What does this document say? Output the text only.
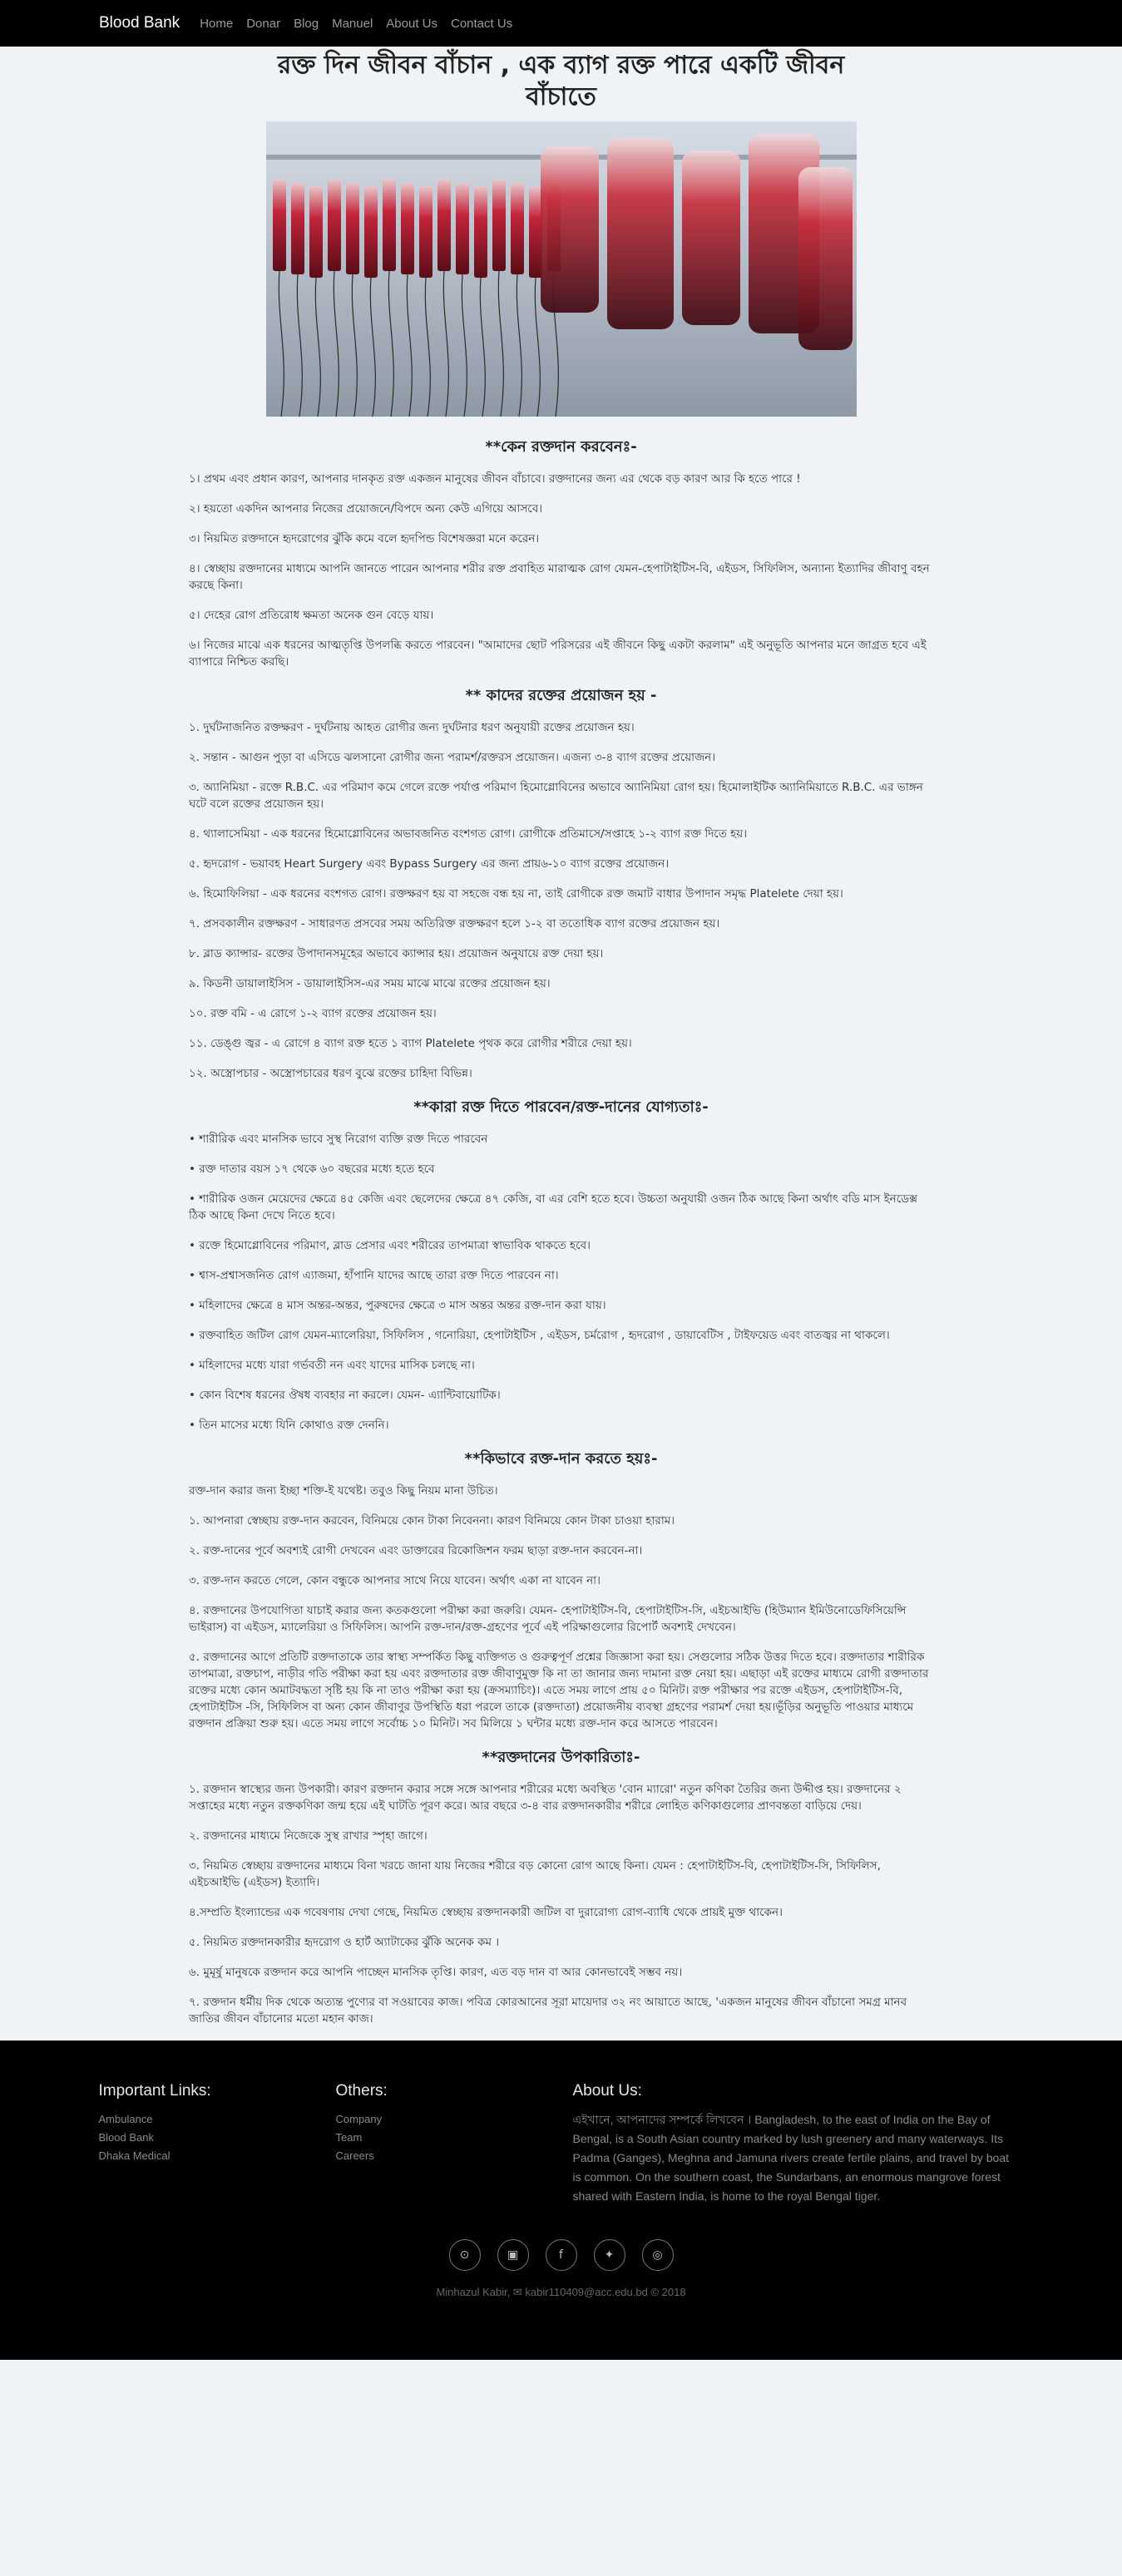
Blood Bank Home Donar Blog Manuel About Us Contact Us
রক্ত দিন জীবন বাঁচান , এক ব্যাগ রক্ত পারে একটি জীবন বাঁচাতে
**কেন রক্তদান করবেনঃ-

১। প্রথম এবং প্রধান কারণ, আপনার দানকৃত রক্ত একজন মানুষের জীবন বাঁচাবে। রক্তদানের জন্য এর থেকে বড় কারণ আর কি হতে পারে !

২। হয়তো একদিন আপনার নিজের প্রয়োজনে/বিপদে অন্য কেউ এগিয়ে আসবে।

৩। নিয়মিত রক্তদানে হৃদরোগের ঝুঁকি কমে বলে হৃদপিন্ড বিশেষজ্ঞরা মনে করেন।

৪। স্বেচ্ছায় রক্তদানের মাধ্যমে আপনি জানতে পারেন আপনার শরীর রক্ত প্রবাহিত মারাত্মক রোগ যেমন-হেপাটাইটিস-বি, এইডস, সিফিলিস, অন্যান্য ইত্যাদির জীবাণু বহন করছে কিনা।

৫। দেহের রোগ প্রতিরোধ ক্ষমতা অনেক গুন বেড়ে যায়।

৬। নিজের মাঝে এক ধরনের আত্মতৃপ্তি উপলব্ধি করতে পারবেন। "আমাদের ছোট পরিসরের এই জীবনে কিছু একটা করলাম" এই অনুভূতি আপনার মনে জাগ্রত হবে এই ব্যাপারে নিশ্চিত করছি।

** কাদের রক্তের প্রয়োজন হয় -

১. দুর্ঘটনাজনিত রক্তক্ষরণ - দুর্ঘটনায় আহত রোগীর জন্য দুর্ঘটনার ধরণ অনুযায়ী রক্তের প্রয়োজন হয়।

২. সন্তান - আগুন পুড়া বা এসিডে ঝলসানো রোগীর জন্য পরামর্শ/রক্তরস প্রয়োজন। এজন্য ৩-৪ ব্যাগ রক্তের প্রয়োজন।

৩. অ্যানিমিয়া - রক্তে R.B.C. এর পরিমাণ কমে গেলে রক্তে পর্যাপ্ত পরিমাণ হিমোগ্লোবিনের অভাবে অ্যানিমিয়া রোগ হয়। হিমোলাইটিক অ্যানিমিয়াতে R.B.C. এর ভাঙ্গন ঘটে বলে রক্তের প্রয়োজন হয়।

৪. থ্যালাসেমিয়া - এক ধরনের হিমোগ্লোবিনের অভাবজনিত বংশগত রোগ। রোগীকে প্রতিমাসে/সপ্তাহে ১-২ ব্যাগ রক্ত দিতে হয়।

৫. হৃদরোগ - ভয়াবহ Heart Surgery এবং Bypass Surgery এর জন্য প্রায়৬-১০ ব্যাগ রক্তের প্রয়োজন।

৬. হিমোফিলিয়া - এক ধরনের বংশগত রোগ। রক্তক্ষরণ হয় বা সহজে বন্ধ হয় না, তাই রোগীকে রক্ত জমাট বাধার উপাদান সমৃদ্ধ Platelete দেয়া হয়।

৭. প্রসবকালীন রক্তক্ষরণ - সাধারণত প্রসবের সময় অতিরিক্ত রক্তক্ষরণ হলে ১-২ বা ততোধিক ব্যাগ রক্তের প্রয়োজন হয়।

৮. ব্লাড ক্যান্সার- রক্তের উপাদানসমূহের অভাবে ক্যান্সার হয়। প্রয়োজন অনুযায়ে রক্ত দেয়া হয়।

৯. কিডনী ডায়ালাইসিস - ডায়ালাইসিস-এর সময় মাঝে মাঝে রক্তের প্রয়োজন হয়।

১০. রক্ত বমি - এ রোগে ১-২ ব্যাগ রক্তের প্রয়োজন হয়।

১১. ডেঙ্গু জ্বর - এ রোগে ৪ ব্যাগ রক্ত হতে ১ ব্যাগ Platelete পৃথক করে রোগীর শরীরে দেয়া হয়।

১২. অস্ত্রোপচার - অস্ত্রোপচারের ধরণ বুঝে রক্তের চাহিদা বিভিন্ন।

**কারা রক্ত দিতে পারবেন/রক্ত-দানের যোগ্যতাঃ-

• শারীরিক এবং মানসিক ভাবে সুস্থ নিরোগ ব্যক্তি রক্ত দিতে পারবেন

• রক্ত দাতার বয়স ১৭ থেকে ৬০ বছরের মধ্যে হতে হবে

• শারীরিক ওজন মেয়েদের ক্ষেত্রে ৪৫ কেজি এবং ছেলেদের ক্ষেত্রে ৪৭ কেজি, বা এর বেশি হতে হবে। উচ্চতা অনুযায়ী ওজন ঠিক আছে কিনা অর্থাৎ বডি মাস ইনডেক্স ঠিক আছে কিনা দেখে নিতে হবে।

• রক্তে হিমোগ্লোবিনের পরিমাণ, ব্লাড প্রেসার এবং শরীরের তাপমাত্রা স্বাভাবিক থাকতে হবে।

• শ্বাস-প্রশ্বাসজনিত রোগ এ্যাজমা, হাঁপানি যাদের আছে তারা রক্ত দিতে পারবেন না।

• মহিলাদের ক্ষেত্রে ৪ মাস অন্তর-অন্তর, পুরুষদের ক্ষেত্রে ৩ মাস অন্তর অন্তর রক্ত-দান করা যায়।

• রক্তবাহিত জটিল রোগ যেমন-ম্যালেরিয়া, সিফিলিস , গনোরিয়া, হেপাটাইটিস , এইডস, চর্মরোগ , হৃদরোগ , ডায়াবেটিস , টাইফয়েড এবং বাতজ্বর না থাকলে।

• মহিলাদের মধ্যে যারা গর্ভবতী নন এবং যাদের মাসিক চলছে না।

• কোন বিশেষ ধরনের ঔষধ ব্যবহার না করলে। যেমন- এ্যান্টিবায়োটিক।

• তিন মাসের মধ্যে যিনি কোথাও রক্ত দেননি।

**কিভাবে রক্ত-দান করতে হয়ঃ-

রক্ত-দান করার জন্য ইচ্ছা শক্তি-ই যথেষ্ট। তবুও কিছু নিয়ম মানা উচিত।

১. আপনারা স্বেচ্ছায় রক্ত-দান করবেন, বিনিময়ে কোন টাকা নিবেননা। কারণ বিনিময়ে কোন টাকা চাওয়া হারাম।

২. রক্ত-দানের পূর্বে অবশ্যই রোগী দেখবেন এবং ডাক্তারের রিকোজিশন ফরম ছাড়া রক্ত-দান করবেন-না।

৩. রক্ত-দান করতে গেলে, কোন বন্ধুকে আপনার সাথে নিয়ে যাবেন। অর্থাৎ একা না যাবেন না।

৪. রক্তদানের উপযোগিতা যাচাই করার জন্য কতকগুলো পরীক্ষা করা জরুরি। যেমন- হেপাটাইটিস-বি, হেপাটাইটিস-সি, এইচআইভি (হিউম্যান ইমিউনোডেফিসিয়েন্সি ভাইরাস) বা এইডস, ম্যালেরিয়া ও সিফিলিস। আপনি রক্ত-দান/রক্ত-গ্রহণের পূর্বে এই পরিক্ষাগুলোর রিপোর্ট অবশ্যই দেখবেন।

৫. রক্তদানের আগে প্রতিটি রক্তদাতাকে তার স্বাস্থ্য সম্পর্কিত কিছু ব্যক্তিগত ও গুরুত্বপূর্ণ প্রশ্নের জিজ্ঞাসা করা হয়। সেগুলোর সঠিক উত্তর দিতে হবে। রক্তদাতার শারীরিক তাপমাত্রা, রক্তচাপ, নাড়ীর গতি পরীক্ষা করা হয় এবং রক্তদাতার রক্ত জীবাণুমুক্ত কি না তা জানার জন্য দামানা রক্ত নেয়া হয়। এছাড়া এই রক্তের মাধ্যমে রোগী রক্তদাতার রক্তের মধ্যে কোন অমাটবদ্ধতা সৃষ্টি হয় কি না তাও পরীক্ষা করা হয় (ক্রসম্যাচিং)। এতে সময় লাগে প্রায় ৫০ মিনিট। রক্ত পরীক্ষার পর রক্তে এইডস, হেপাটাইটিস-বি, হেপাটাইটিস -সি, সিফিলিস বা অন্য কোন জীবাণুর উপস্থিতি ধরা পরলে তাকে (রক্তদাতা) প্রয়োজনীয় ব্যবস্থা গ্রহণের পরামর্শ দেয়া হয়।ভূঁড়ির অনুভূতি পাওয়ার মাধ্যমে রক্তদান প্রক্রিয়া শুরু হয়। এতে সময় লাগে সর্বোচ্চ ১০ মিনিট। সব মিলিয়ে ১ ঘন্টার মধ্যে রক্ত-দান করে আসতে পারবেন।

**রক্তদানের উপকারিতাঃ-

১. রক্তদান স্বাস্থ্যের জন্য উপকারী। কারণ রক্তদান করার সঙ্গে সঙ্গে আপনার শরীরের মধ্যে অবস্থিত 'বোন ম্যারো' নতুন কণিকা তৈরির জন্য উদ্দীপ্ত হয়। রক্তদানের ২ সপ্তাহের মধ্যে নতুন রক্তকণিকা জন্ম হয়ে এই ঘাটতি পূরণ করে। আর বছরে ৩-৪ বার রক্তদানকারীর শরীরে লোহিত কণিকাগুলোর প্রাণবন্ততা বাড়িয়ে দেয়।

২. রক্তদানের মাধ্যমে নিজেকে সুস্থ রাখার স্পৃহা জাগে।

৩. নিয়মিত স্বেচ্ছায় রক্তদানের মাধ্যমে বিনা খরচে জানা যায় নিজের শরীরে বড় কোনো রোগ আছে কিনা। যেমন : হেপাটাইটিস-বি, হেপাটাইটিস-সি, সিফিলিস, এইচআইভি (এইডস) ইত্যাদি।

৪.সম্প্রতি ইংল্যান্ডের এক গবেষণায় দেখা গেছে, নিয়মিত স্বেচ্ছায় রক্তদানকারী জটিল বা দুরারোগ্য রোগ-ব্যাধি থেকে প্রায়ই মুক্ত থাকেন।

৫. নিয়মিত রক্তদানকারীর হৃদরোগ ও হার্ট অ্যাটাকের ঝুঁকি অনেক কম ।

৬. মুমূর্ষু মানুষকে রক্তদান করে আপনি পাচ্ছেন মানসিক তৃপ্তি। কারণ, এত বড় দান বা আর কোনভাবেই সম্ভব নয়।

৭. রক্তদান ধর্মীয় দিক থেকে অত্যন্ত পুণ্যের বা সওয়াবের কাজ। পবিত্র কোরআনের সূরা মায়েদার ৩২ নং আয়াতে আছে, 'একজন মানুষের জীবন বাঁচানো সমগ্র মানব জাতির জীবন বাঁচানোর মতো মহান কাজ।

Important Links:
Ambulance
Blood Bank
Dhaka Medical
Others:
Company
Team
Careers
About Us:
এইখানে, আপনাদের সম্পর্কে লিখবেন । Bangladesh, to the east of India on the Bay of Bengal, is a South Asian country marked by lush greenery and many waterways. Its Padma (Ganges), Meghna and Jamuna rivers create fertile plains, and travel by boat is common. On the southern coast, the Sundarbans, an enormous mangrove forest shared with Eastern India, is home to the royal Bengal tiger.
⊙	▣	f	✦	◎
Minhazul Kabir, ✉ kabir110409@acc.edu.bd © 2018
